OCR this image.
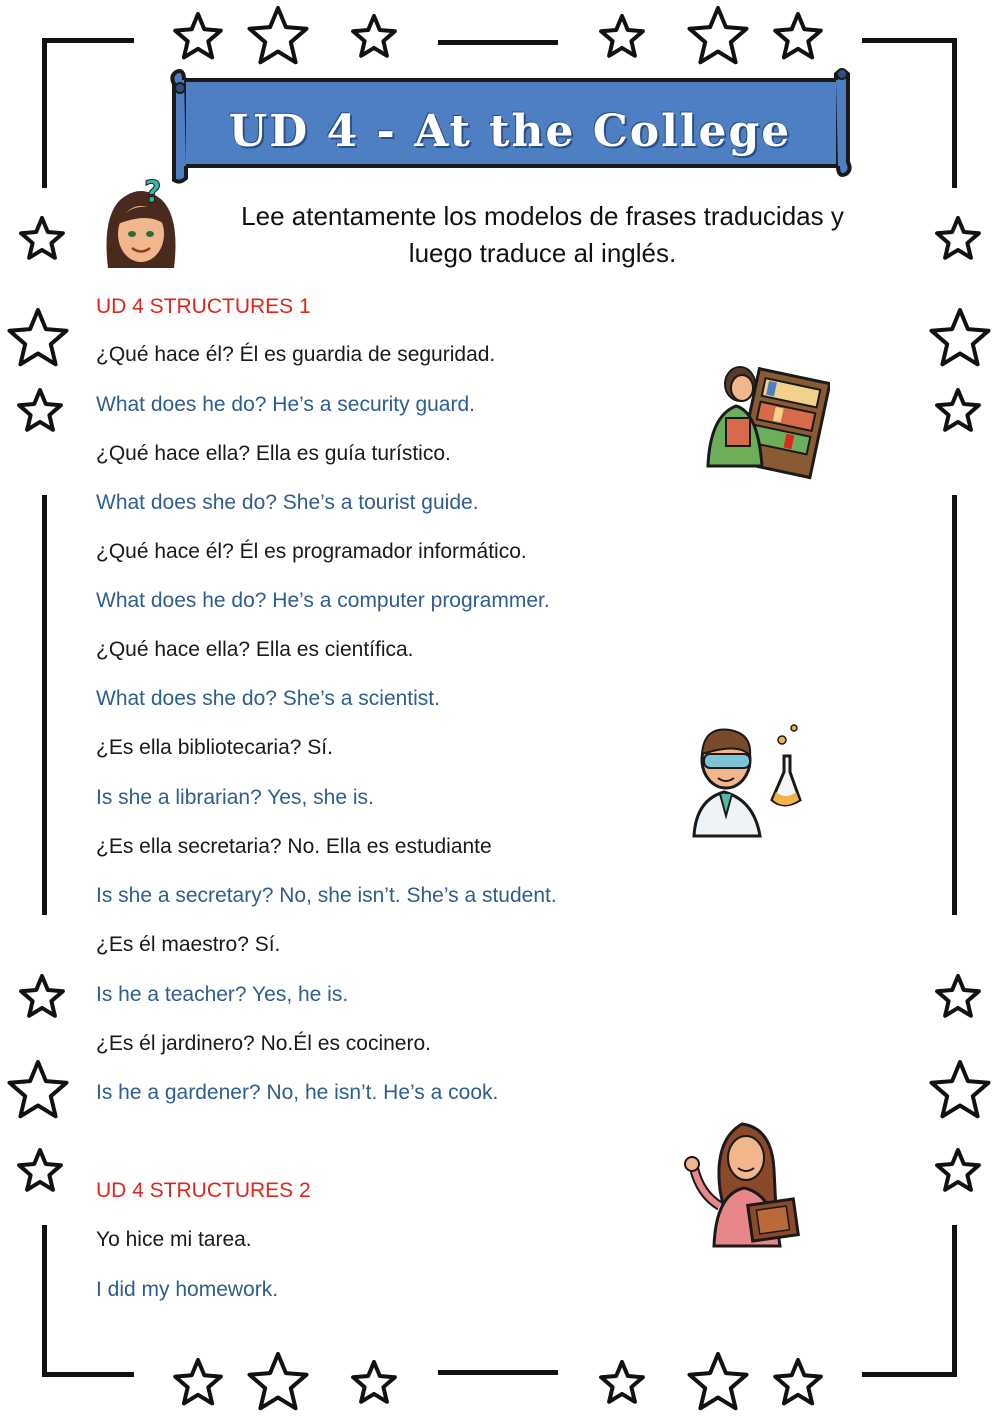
UD 4 - At the College
?
Lee atentamente los modelos de frases traducidas y
luego traduce al inglés.
UD 4 STRUCTURES 1
¿Qué hace él? Él es guardia de seguridad.
What does he do? He’s a security guard.
¿Qué hace ella? Ella es guía turístico.
What does she do? She’s a tourist guide.
¿Qué hace él? Él es programador informático.
What does he do? He’s a computer programmer.
¿Qué hace ella? Ella es científica.
What does she do? She’s a scientist.
¿Es ella bibliotecaria? Sí.
Is she a librarian? Yes, she is.
¿Es ella secretaria? No. Ella es estudiante
Is she a secretary? No, she isn’t. She’s a student.
¿Es él maestro? Sí.
Is he a teacher? Yes, he is.
¿Es él jardinero? No.Él es cocinero.
Is he a gardener? No, he isn’t. He’s a cook.
UD 4 STRUCTURES 2
Yo hice mi tarea.
I did my homework.
